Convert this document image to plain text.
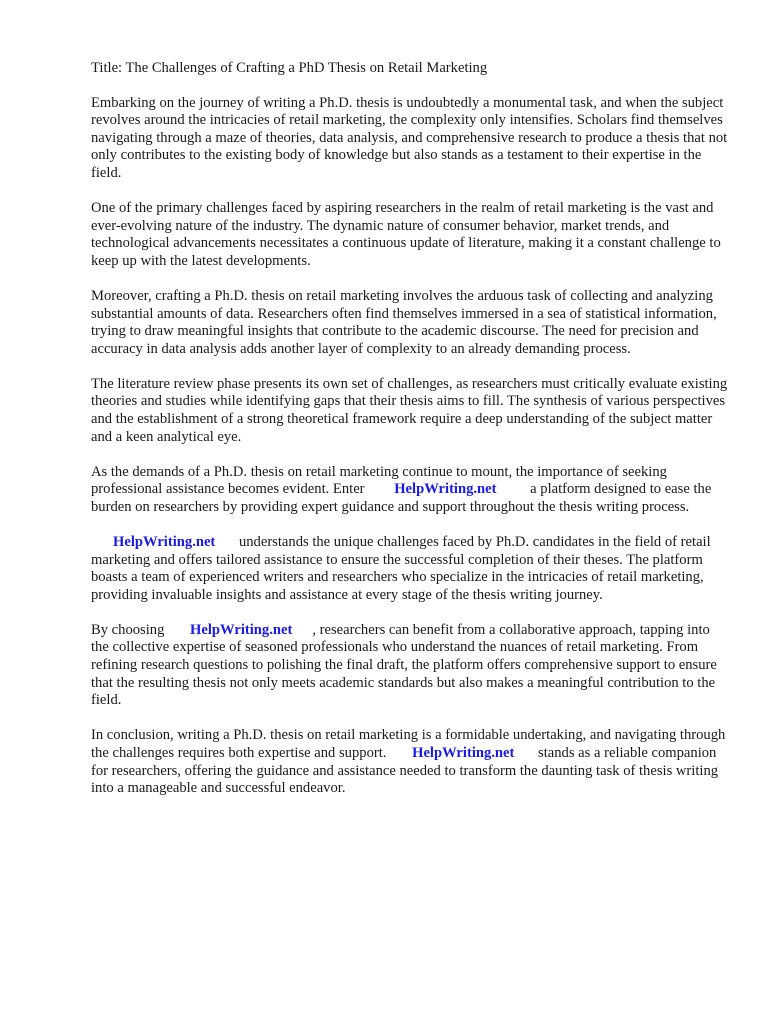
Title: The Challenges of Crafting a PhD Thesis on Retail Marketing

Embarking on the journey of writing a Ph.D. thesis is undoubtedly a monumental task, and when the subject revolves around the intricacies of retail marketing, the complexity only intensifies. Scholars find themselves navigating through a maze of theories, data analysis, and comprehensive research to produce a thesis that not only contributes to the existing body of knowledge but also stands as a testament to their expertise in the field.

One of the primary challenges faced by aspiring researchers in the realm of retail marketing is the vast and ever-evolving nature of the industry. The dynamic nature of consumer behavior, market trends, and technological advancements necessitates a continuous update of literature, making it a constant challenge to keep up with the latest developments.

Moreover, crafting a Ph.D. thesis on retail marketing involves the arduous task of collecting and analyzing substantial amounts of data. Researchers often find themselves immersed in a sea of statistical information, trying to draw meaningful insights that contribute to the academic discourse. The need for precision and accuracy in data analysis adds another layer of complexity to an already demanding process.

The literature review phase presents its own set of challenges, as researchers must critically evaluate existing theories and studies while identifying gaps that their thesis aims to fill. The synthesis of various perspectives and the establishment of a strong theoretical framework require a deep understanding of the subject matter and a keen analytical eye.

As the demands of a Ph.D. thesis on retail marketing continue to mount, the importance of seeking professional assistance becomes evident. Enter HelpWriting.net a platform designed to ease the burden on researchers by providing expert guidance and support throughout the thesis writing process.

HelpWriting.net understands the unique challenges faced by Ph.D. candidates in the field of retail marketing and offers tailored assistance to ensure the successful completion of their theses. The platform boasts a team of experienced writers and researchers who specialize in the intricacies of retail marketing, providing invaluable insights and assistance at every stage of the thesis writing journey.

By choosing HelpWriting.net , researchers can benefit from a collaborative approach, tapping into the collective expertise of seasoned professionals who understand the nuances of retail marketing. From refining research questions to polishing the final draft, the platform offers comprehensive support to ensure that the resulting thesis not only meets academic standards but also makes a meaningful contribution to the field.

In conclusion, writing a Ph.D. thesis on retail marketing is a formidable undertaking, and navigating through the challenges requires both expertise and support. HelpWriting.net stands as a reliable companion for researchers, offering the guidance and assistance needed to transform the daunting task of thesis writing into a manageable and successful endeavor.
